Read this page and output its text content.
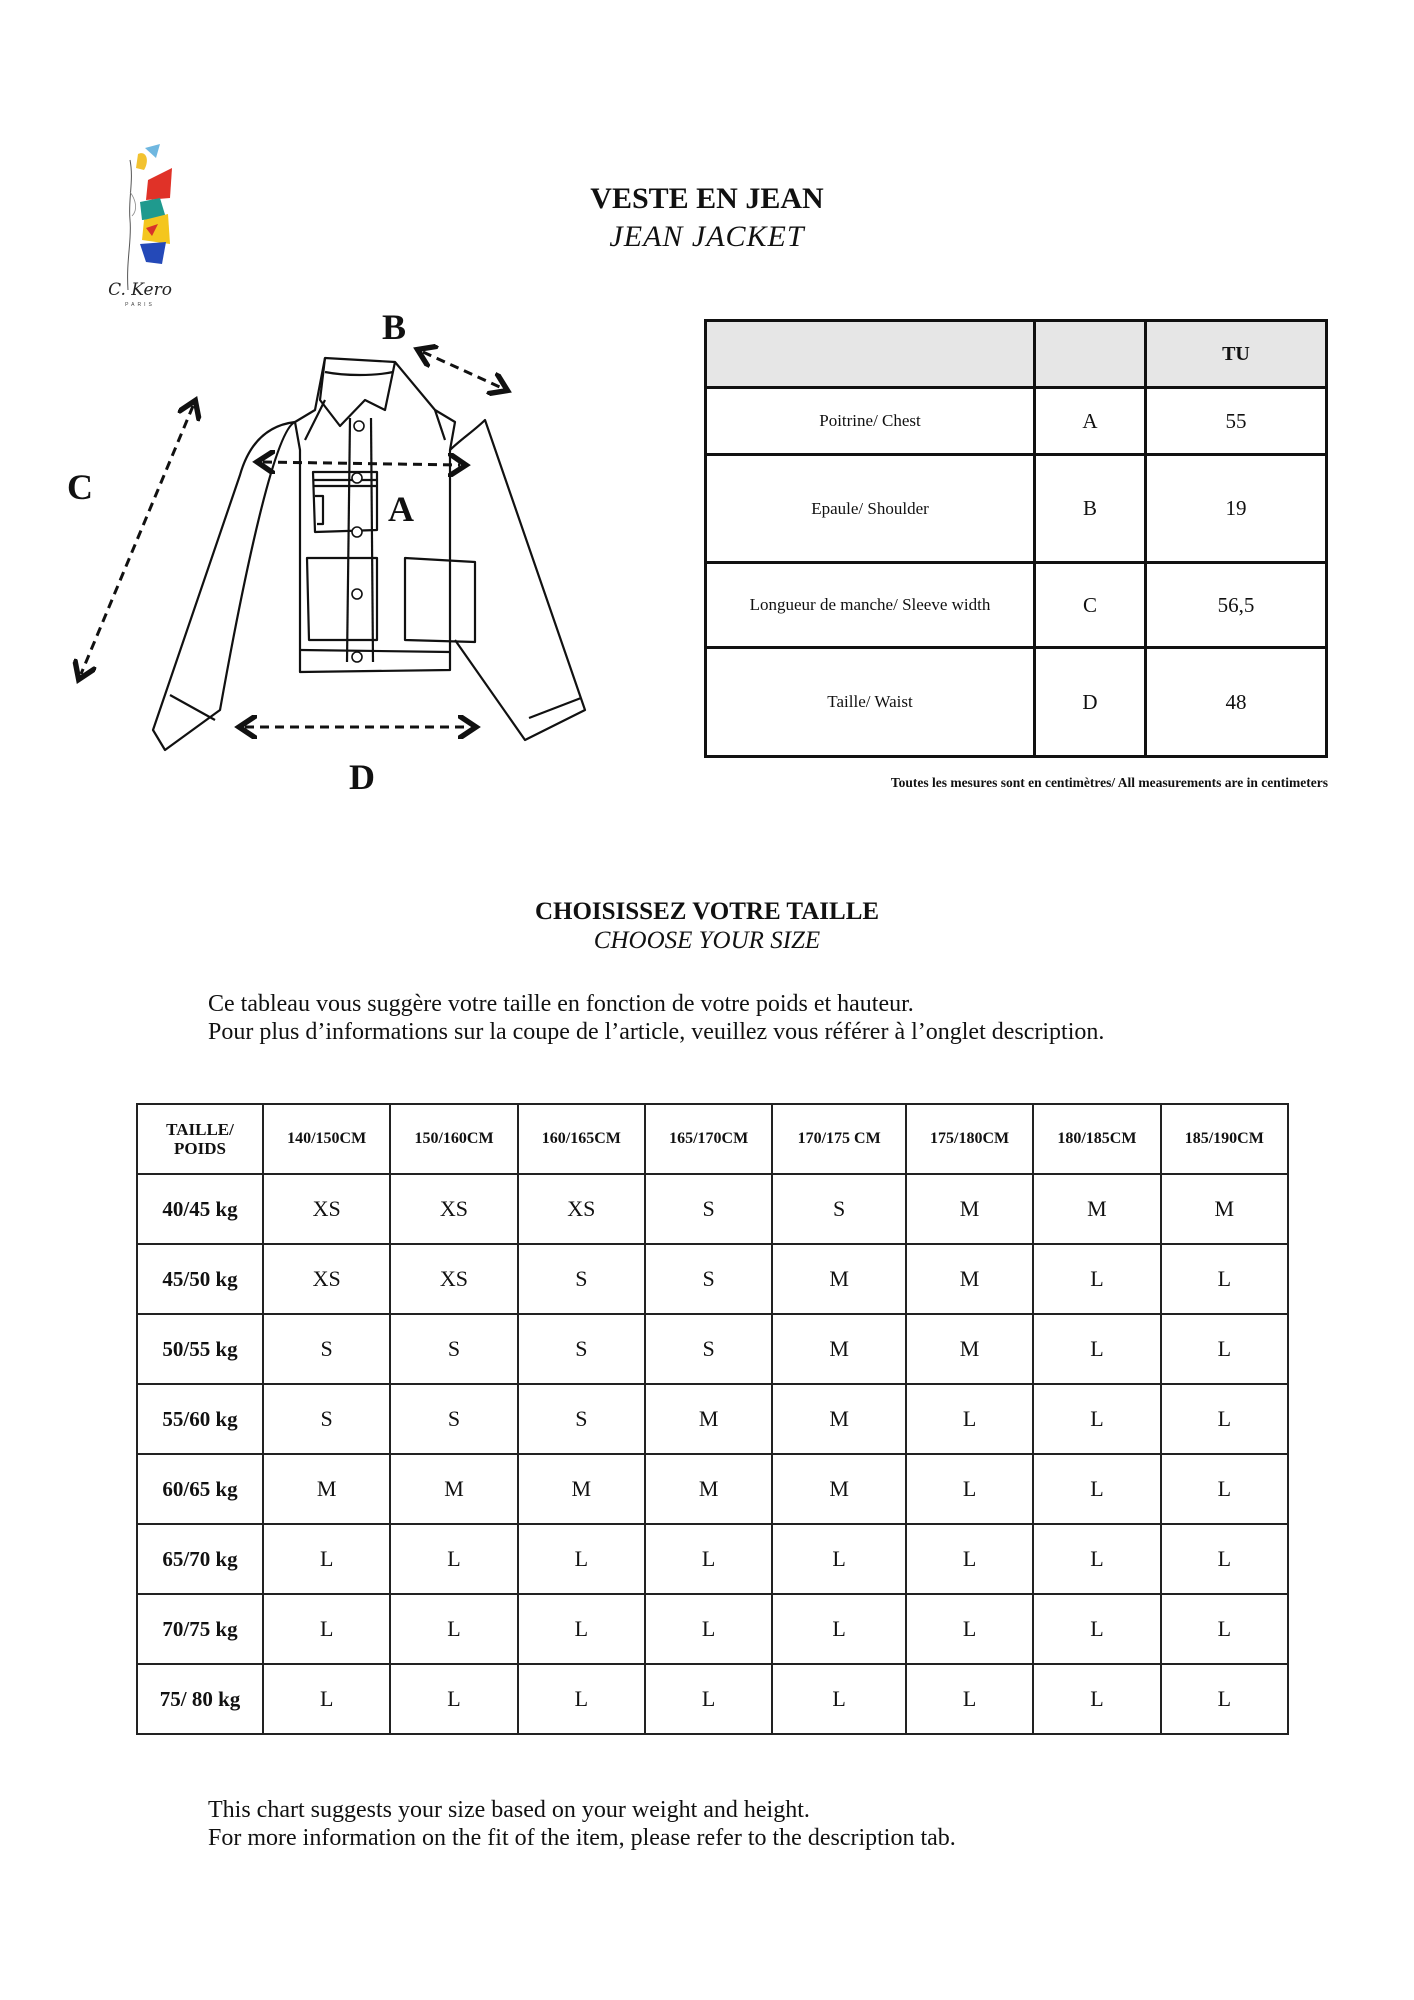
C. Kero
PARIS
VESTE EN JEAN
JEAN JACKET
B
A
C
D
		TU
Poitrine/ Chest	A	55
Epaule/ Shoulder	B	19
Longueur de manche/ Sleeve width	C	56,5
Taille/ Waist	D	48
Toutes les mesures sont en centimètres/ All measurements are in centimeters
CHOISISSEZ VOTRE TAILLE
CHOOSE YOUR SIZE
Ce tableau vous suggère votre taille en fonction de votre poids et hauteur.
Pour plus d’informations sur la coupe de l’article, veuillez vous référer à l’onglet description.
TAILLE/
POIDS	140/150CM	150/160CM	160/165CM	165/170CM	170/175 CM	175/180CM	180/185CM	185/190CM
40/45 kg	XS	XS	XS	S	S	M	M	M
45/50 kg	XS	XS	S	S	M	M	L	L
50/55 kg	S	S	S	S	M	M	L	L
55/60 kg	S	S	S	M	M	L	L	L
60/65 kg	M	M	M	M	M	L	L	L
65/70 kg	L	L	L	L	L	L	L	L
70/75 kg	L	L	L	L	L	L	L	L
75/ 80 kg	L	L	L	L	L	L	L	L
This chart suggests your size based on your weight and height.
For more information on the fit of the item, please refer to the description tab.
